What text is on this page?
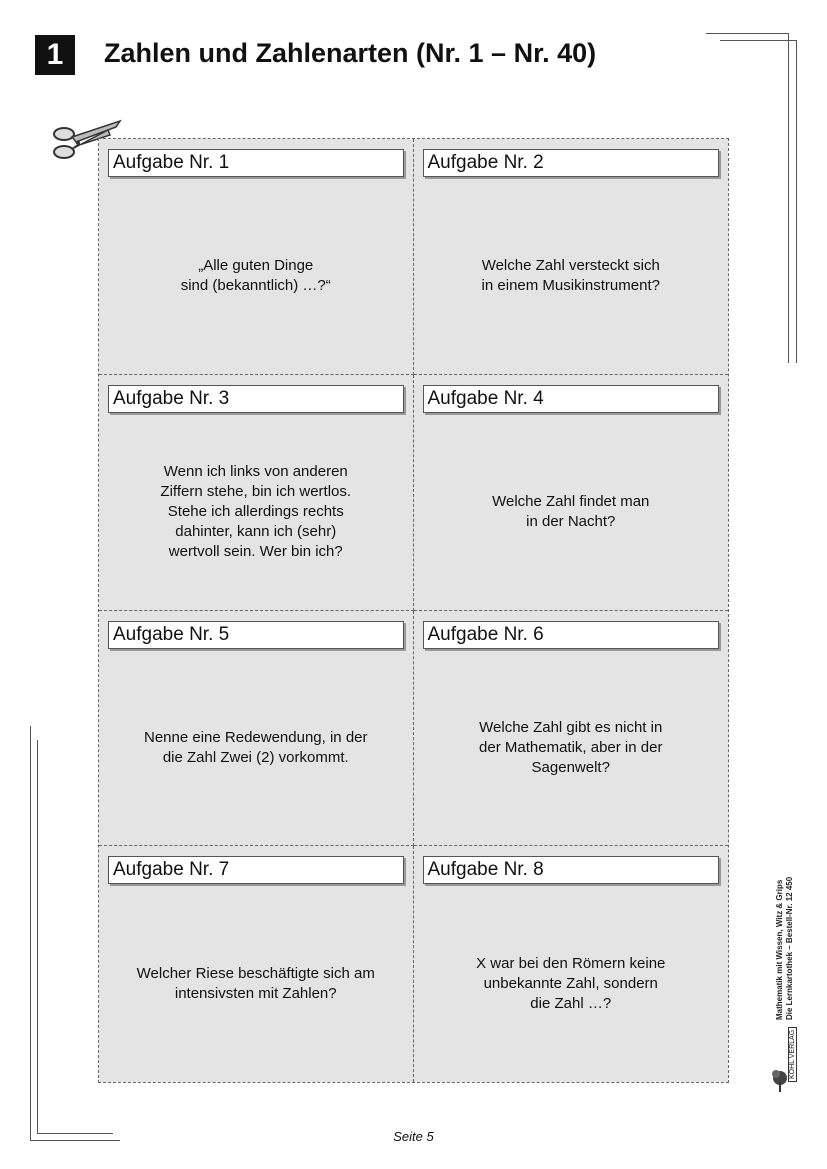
1	Zahlen und Zahlenarten (Nr. 1 – Nr. 40)
Aufgabe Nr. 1
„Alle guten Dinge
sind (bekanntlich) …?“
Aufgabe Nr. 2
Welche Zahl versteckt sich
in einem Musikinstrument?
Aufgabe Nr. 3
Wenn ich links von anderen
Ziffern stehe, bin ich wertlos.
Stehe ich allerdings rechts
dahinter, kann ich (sehr)
wertvoll sein. Wer bin ich?
Aufgabe Nr. 4
Welche Zahl findet man
in der Nacht?
Aufgabe Nr. 5
Nenne eine Redewendung, in der
die Zahl Zwei (2) vorkommt.
Aufgabe Nr. 6
Welche Zahl gibt es nicht in
der Mathematik, aber in der
Sagenwelt?
Aufgabe Nr. 7
Welcher Riese beschäftigte sich am
intensivsten mit Zahlen?
Aufgabe Nr. 8
X war bei den Römern keine
unbekannte Zahl, sondern
die Zahl …?	Mathematik mit Wissen, Witz & Grips Die Lernkartothek – Bestell-Nr. 12 450
KOHL VERLAG
Seite 5
